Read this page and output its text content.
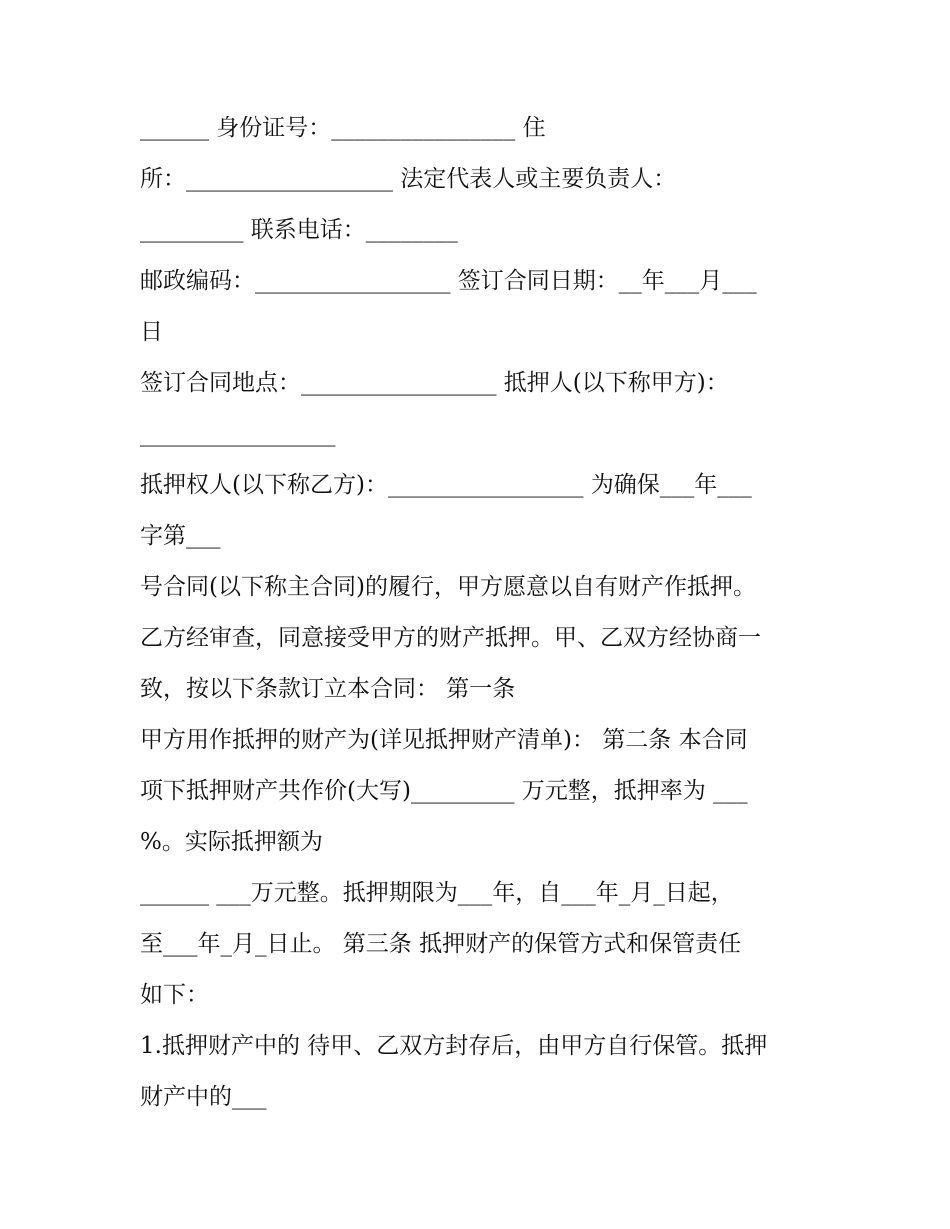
______ 身份证号：________________ 住
所：__________________ 法定代表人或主要负责人：
_________ 联系电话：________
邮政编码：_________________ 签订合同日期：__年___月___
日
签订合同地点：_________________ 抵押人(以下称甲方)：
_________________
抵押权人(以下称乙方)：_________________ 为确保___年___
字第___
号合同(以下称主合同)的履行，甲方愿意以自有财产作抵押。
乙方经审查，同意接受甲方的财产抵押。甲、乙双方经协商一
致，按以下条款订立本合同： 第一条
甲方用作抵押的财产为(详见抵押财产清单)： 第二条 本合同
项下抵押财产共作价(大写)_________ 万元整，抵押率为 ___
%。实际抵押额为
______ ___万元整。抵押期限为___年，自___年_月_日起，
至___年_月_日止。 第三条 抵押财产的保管方式和保管责任
如下：
1.抵押财产中的 待甲、乙双方封存后，由甲方自行保管。抵押
财产中的___
